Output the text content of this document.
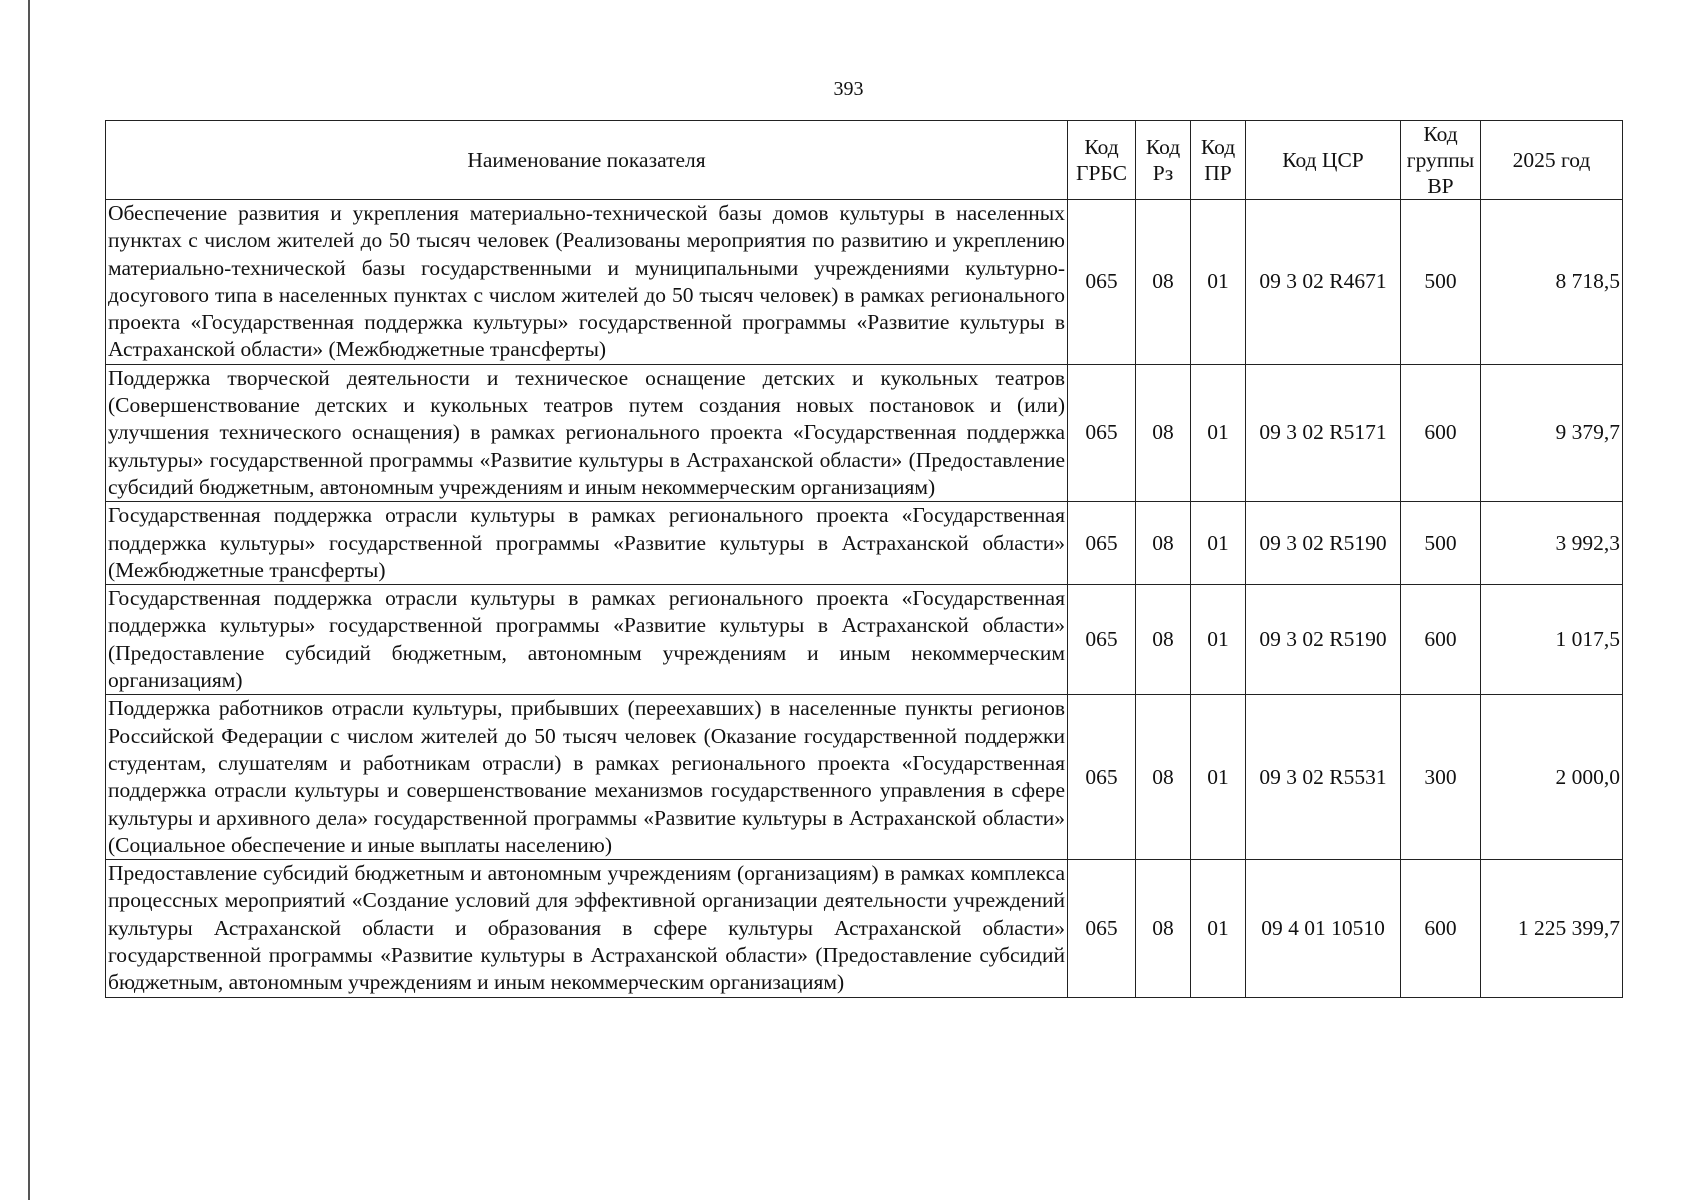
393
Наименование показателя	Код ГРБС	Код Рз	Код ПР	Код ЦСР	Код группы ВР	2025 год
Обеспечение развития и укрепления материально-технической базы домов культуры в населенных пунктах с числом жителей до 50 тысяч человек (Реализованы мероприятия по развитию и укреплению материально-технической базы государственными и муниципальными учреждениями культурно-досугового типа в населенных пунктах с числом жителей до 50 тысяч человек) в рамках регионального проекта «Государственная поддержка культуры» государственной программы «Развитие культуры в Астраханской области» (Межбюджетные трансферты)	065	08	01	09 3 02 R4671	500	8 718,5
Поддержка творческой деятельности и техническое оснащение детских и кукольных театров (Совершенствование детских и кукольных театров путем создания новых постановок и (или) улучшения технического оснащения) в рамках регионального проекта «Государственная поддержка культуры» государственной программы «Развитие культуры в Астраханской области» (Предоставление субсидий бюджетным, автономным учреждениям и иным некоммерческим организациям)	065	08	01	09 3 02 R5171	600	9 379,7
Государственная поддержка отрасли культуры в рамках регионального проекта «Государственная поддержка культуры» государственной программы «Развитие культуры в Астраханской области» (Межбюджетные трансферты)	065	08	01	09 3 02 R5190	500	3 992,3
Государственная поддержка отрасли культуры в рамках регионального проекта «Государственная поддержка культуры» государственной программы «Развитие культуры в Астраханской области» (Предоставление субсидий бюджетным, автономным учреждениям и иным некоммерческим организациям)	065	08	01	09 3 02 R5190	600	1 017,5
Поддержка работников отрасли культуры, прибывших (переехавших) в населенные пункты регионов Российской Федерации с числом жителей до 50 тысяч человек (Оказание государственной поддержки студентам, слушателям и работникам отрасли) в рамках регионального проекта «Государственная поддержка отрасли культуры и совершенствование механизмов государственного управления в сфере культуры и архивного дела» государственной программы «Развитие культуры в Астраханской области» (Социальное обеспечение и иные выплаты населению)	065	08	01	09 3 02 R5531	300	2 000,0
Предоставление субсидий бюджетным и автономным учреждениям (организациям) в рамках комплекса процессных мероприятий «Создание условий для эффективной организации деятельности учреждений культуры Астраханской области и образования в сфере культуры Астраханской области» государственной программы «Развитие культуры в Астраханской области» (Предоставление субсидий бюджетным, автономным учреждениям и иным некоммерческим организациям)	065	08	01	09 4 01 10510	600	1 225 399,7
